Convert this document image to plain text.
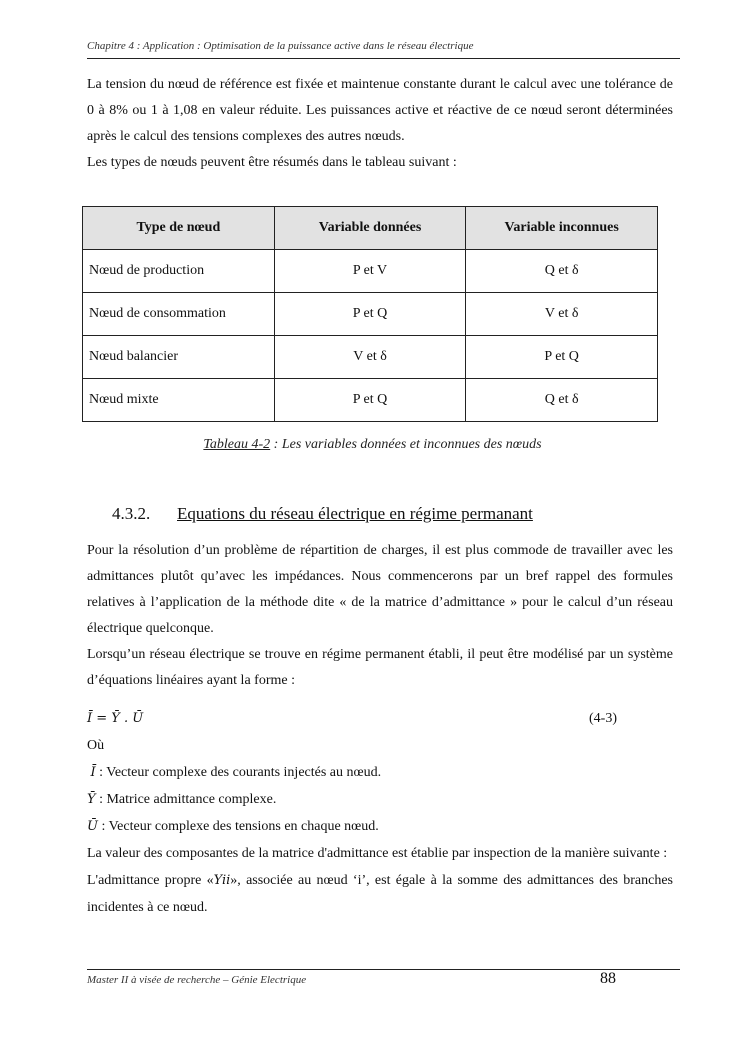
Chapitre 4 : Application : Optimisation de la puissance active dans le réseau électrique

La tension du nœud de référence est fixée et maintenue constante durant le calcul avec une tolérance de 0 à 8% ou 1 à 1,08 en valeur réduite. Les puissances active et réactive de ce nœud seront déterminées après le calcul des tensions complexes des autres nœuds.

Les types de nœuds peuvent être résumés dans le tableau suivant :

Type de nœud	Variable données	Variable inconnues
Nœud de production	P et V	Q et δ
Nœud de consommation	P et Q	V et δ
Nœud balancier	V et δ	P et Q
Nœud mixte	P et Q	Q et δ
Tableau 4-2 : Les variables données et inconnues des nœuds
4.3.2. Equations du réseau électrique en régime permanant

Pour la résolution d’un problème de répartition de charges, il est plus commode de travailler avec les admittances plutôt qu’avec les impédances. Nous commencerons par un bref rappel des formules relatives à l’application de la méthode dite « de la matrice d’admittance » pour le calcul d’un réseau électrique quelconque.

Lorsqu’un réseau électrique se trouve en régime permanent établi, il peut être modélisé par un système d’équations linéaires ayant la forme :

Ī = Ȳ . Ū	(4-3)

Où

Ī : Vecteur complexe des courants injectés au nœud.

Ȳ : Matrice admittance complexe.

Ū : Vecteur complexe des tensions en chaque nœud.

La valeur des composantes de la matrice d'admittance est établie par inspection de la manière suivante :

L'admittance propre «Yii», associée au nœud ‘i’, est égale à la somme des admittances des branches incidentes à ce nœud.

Master II à visée de recherche – Génie Electrique	88
